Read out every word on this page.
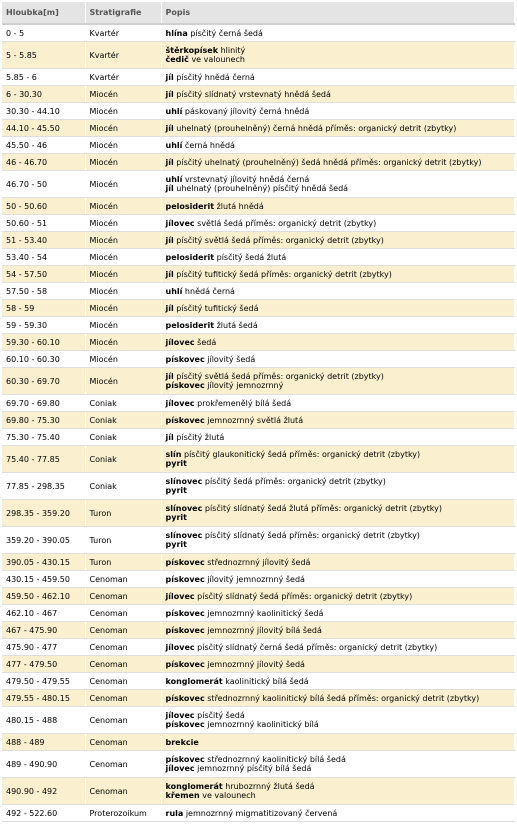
Hloubka[m]	Stratigrafie	Popis
0 - 5	Kvartér	hlína písčitý černá šedá

5 - 5.85	Kvartér	štěrkopísek hlinitý
čedič ve valounech

5.85 - 6	Kvartér	jíl písčitý hnědá černá

6 - 30.30	Miocén	jíl písčitý slídnatý vrstevnatý hnědá šedá

30.30 - 44.10	Miocén	uhlí páskovaný jílovitý černá hnědá

44.10 - 45.50	Miocén	jíl uhelnatý (prouhelněný) černá hnědá příměs: organický detrit (zbytky)

45.50 - 46	Miocén	uhlí černá hnědá

46 - 46.70	Miocén	jíl písčitý uhelnatý (prouhelněný) šedá hnědá příměs: organický detrit (zbytky)

46.70 - 50	Miocén	uhlí vrstevnatý jílovitý hnědá černá
jíl uhelnatý (prouhelněný) písčitý hnědá šedá

50 - 50.60	Miocén	pelosiderit žlutá hnědá

50.60 - 51	Miocén	jílovec světlá šedá příměs: organický detrit (zbytky)

51 - 53.40	Miocén	jíl písčitý světlá šedá příměs: organický detrit (zbytky)

53.40 - 54	Miocén	pelosiderit písčitý šedá žlutá

54 - 57.50	Miocén	jíl písčitý tufitický šedá příměs: organický detrit (zbytky)

57.50 - 58	Miocén	uhlí hnědá černá

58 - 59	Miocén	jíl písčitý tufitický šedá

59 - 59.30	Miocén	pelosiderit žlutá šedá

59.30 - 60.10	Miocén	jílovec šedá

60.10 - 60.30	Miocén	pískovec jílovitý šedá

60.30 - 69.70	Miocén	jíl písčitý světlá šedá příměs: organický detrit (zbytky)
pískovec jílovitý jemnozrnný

69.70 - 69.80	Coniak	jílovec prokřemenělý bílá šedá

69.80 - 75.30	Coniak	pískovec jemnozrnný světlá žlutá

75.30 - 75.40	Coniak	jíl písčitý žlutá

75.40 - 77.85	Coniak	slín písčitý glaukonitický šedá příměs: organický detrit (zbytky)
pyrit

77.85 - 298.35	Coniak	slínovec písčitý šedá příměs: organický detrit (zbytky)
pyrit

298.35 - 359.20	Turon	slínovec písčitý slídnatý šedá žlutá příměs: organický detrit (zbytky)
pyrit

359.20 - 390.05	Turon	slínovec písčitý slídnatý šedá příměs: organický detrit (zbytky)
pyrit

390.05 - 430.15	Turon	pískovec střednozrnný jílovitý šedá

430.15 - 459.50	Cenoman	pískovec jílovitý jemnozrnný šedá

459.50 - 462.10	Cenoman	jílovec písčitý slídnatý šedá příměs: organický detrit (zbytky)

462.10 - 467	Cenoman	pískovec jemnozrnný kaolinitický šedá

467 - 475.90	Cenoman	pískovec jemnozrnný jílovitý bílá šedá

475.90 - 477	Cenoman	jílovec písčitý slídnatý černá šedá příměs: organický detrit (zbytky)

477 - 479.50	Cenoman	pískovec jemnozrnný jílovitý šedá

479.50 - 479.55	Cenoman	konglomerát kaolinitický bílá šedá

479.55 - 480.15	Cenoman	pískovec střednozrnný kaolinitický bílá šedá příměs: organický detrit (zbytky)

480.15 - 488	Cenoman	jílovec písčitý šedá
pískovec jemnozrnný kaolinitický bílá

488 - 489	Cenoman	brekcie

489 - 490.90	Cenoman	pískovec střednozrnný kaolinitický bílá šedá
jílovec jemnozrnný písčitý bílá šedá

490.90 - 492	Cenoman	konglomerát hrubozrnný žlutá šedá
křemen ve valounech

492 - 522.60	Proterozoikum	rula jemnozrnný migmatitizovaný červená
